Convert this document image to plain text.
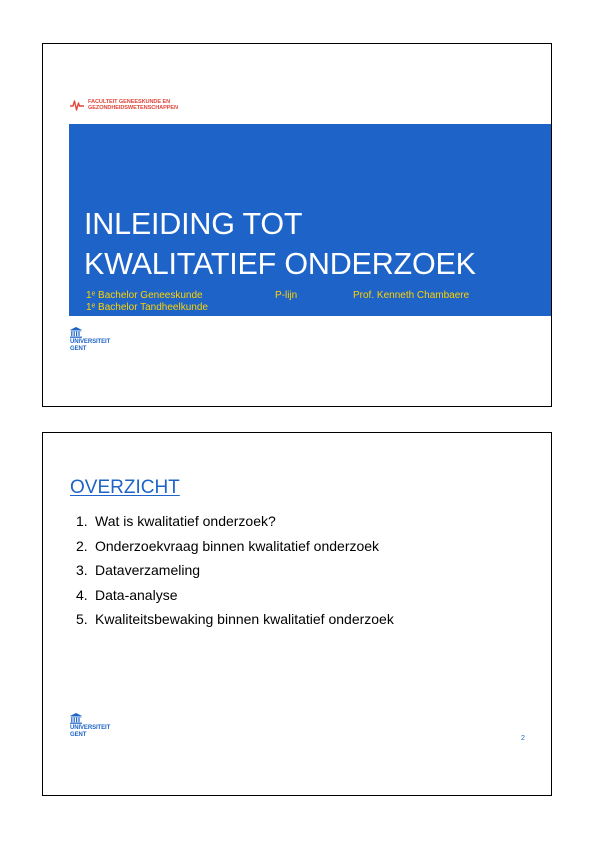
FACULTEIT GENEESKUNDE EN
GEZONDHEIDSWETENSCHAPPEN
INLEIDING TOT
KWALITATIEF ONDERZOEK
1ᵉ Bachelor Geneeskunde
1ᵉ Bachelor Tandheelkunde
P-lijn	Prof. Kenneth Chambaere
UNIVERSITEIT
GENT
OVERZICHT
1. Wat is kwalitatief onderzoek?
2. Onderzoekvraag binnen kwalitatief onderzoek
3. Dataverzameling
4. Data-analyse
5. Kwaliteitsbewaking binnen kwalitatief onderzoek
UNIVERSITEIT
GENT
2
